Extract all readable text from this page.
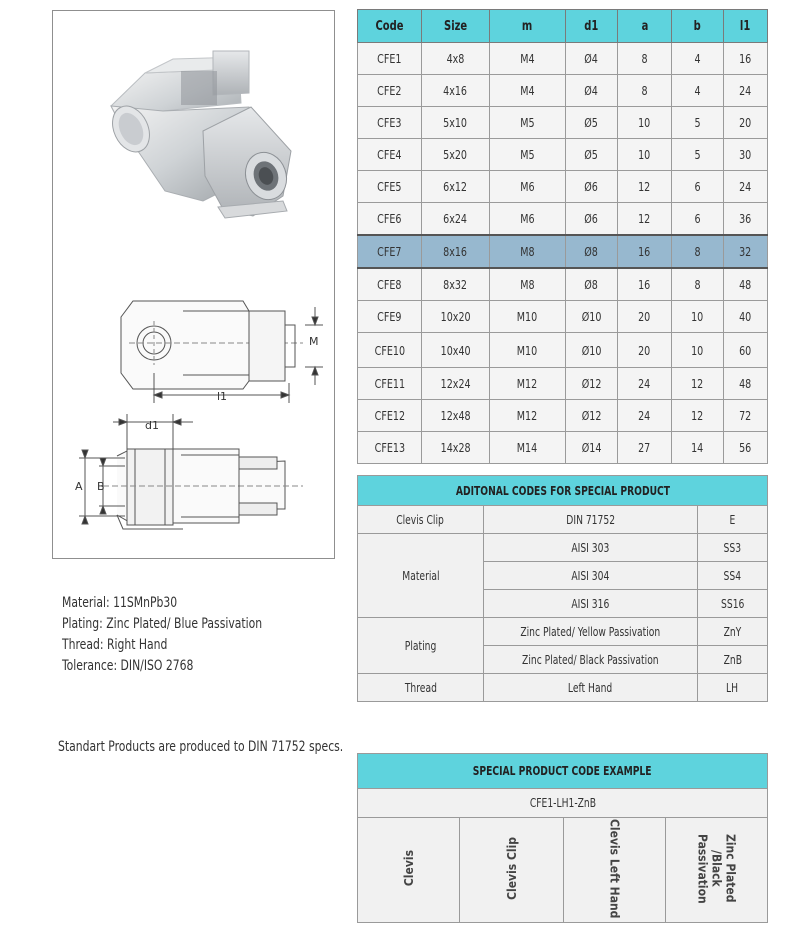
M
l1
d1
A B
Material: 11SMnPb30
Plating: Zinc Plated/ Blue Passivation
Thread: Right Hand
Tolerance: DIN/ISO 2768
Standart Products are produced to DIN 71752 specs.
Code	Size	m	d1	a	b	l1
CFE1	4x8	M4	Ø4	8	4	16
CFE2	4x16	M4	Ø4	8	4	24
CFE3	5x10	M5	Ø5	10	5	20
CFE4	5x20	M5	Ø5	10	5	30
CFE5	6x12	M6	Ø6	12	6	24
CFE6	6x24	M6	Ø6	12	6	36
CFE7	8x16	M8	Ø8	16	8	32
CFE8	8x32	M8	Ø8	16	8	48
CFE9	10x20	M10	Ø10	20	10	40
CFE10	10x40	M10	Ø10	20	10	60
CFE11	12x24	M12	Ø12	24	12	48
CFE12	12x48	M12	Ø12	24	12	72
CFE13	14x28	M14	Ø14	27	14	56
ADITONAL CODES FOR SPECIAL PRODUCT		
Clevis Clip	DIN 71752	E
Material	AISI 303	SS3
	AISI 304	SS4
	AISI 316	SS16
Plating	Zinc Plated/ Yellow Passivation	ZnY
	Zinc Plated/ Black Passivation	ZnB
Thread	Left Hand	LH
SPECIAL PRODUCT CODE EXAMPLE
CFE1-LH1-ZnB
Clevis	Clevis Clip	Clevis Left Hand	Zinc Plated /Black Passivation
